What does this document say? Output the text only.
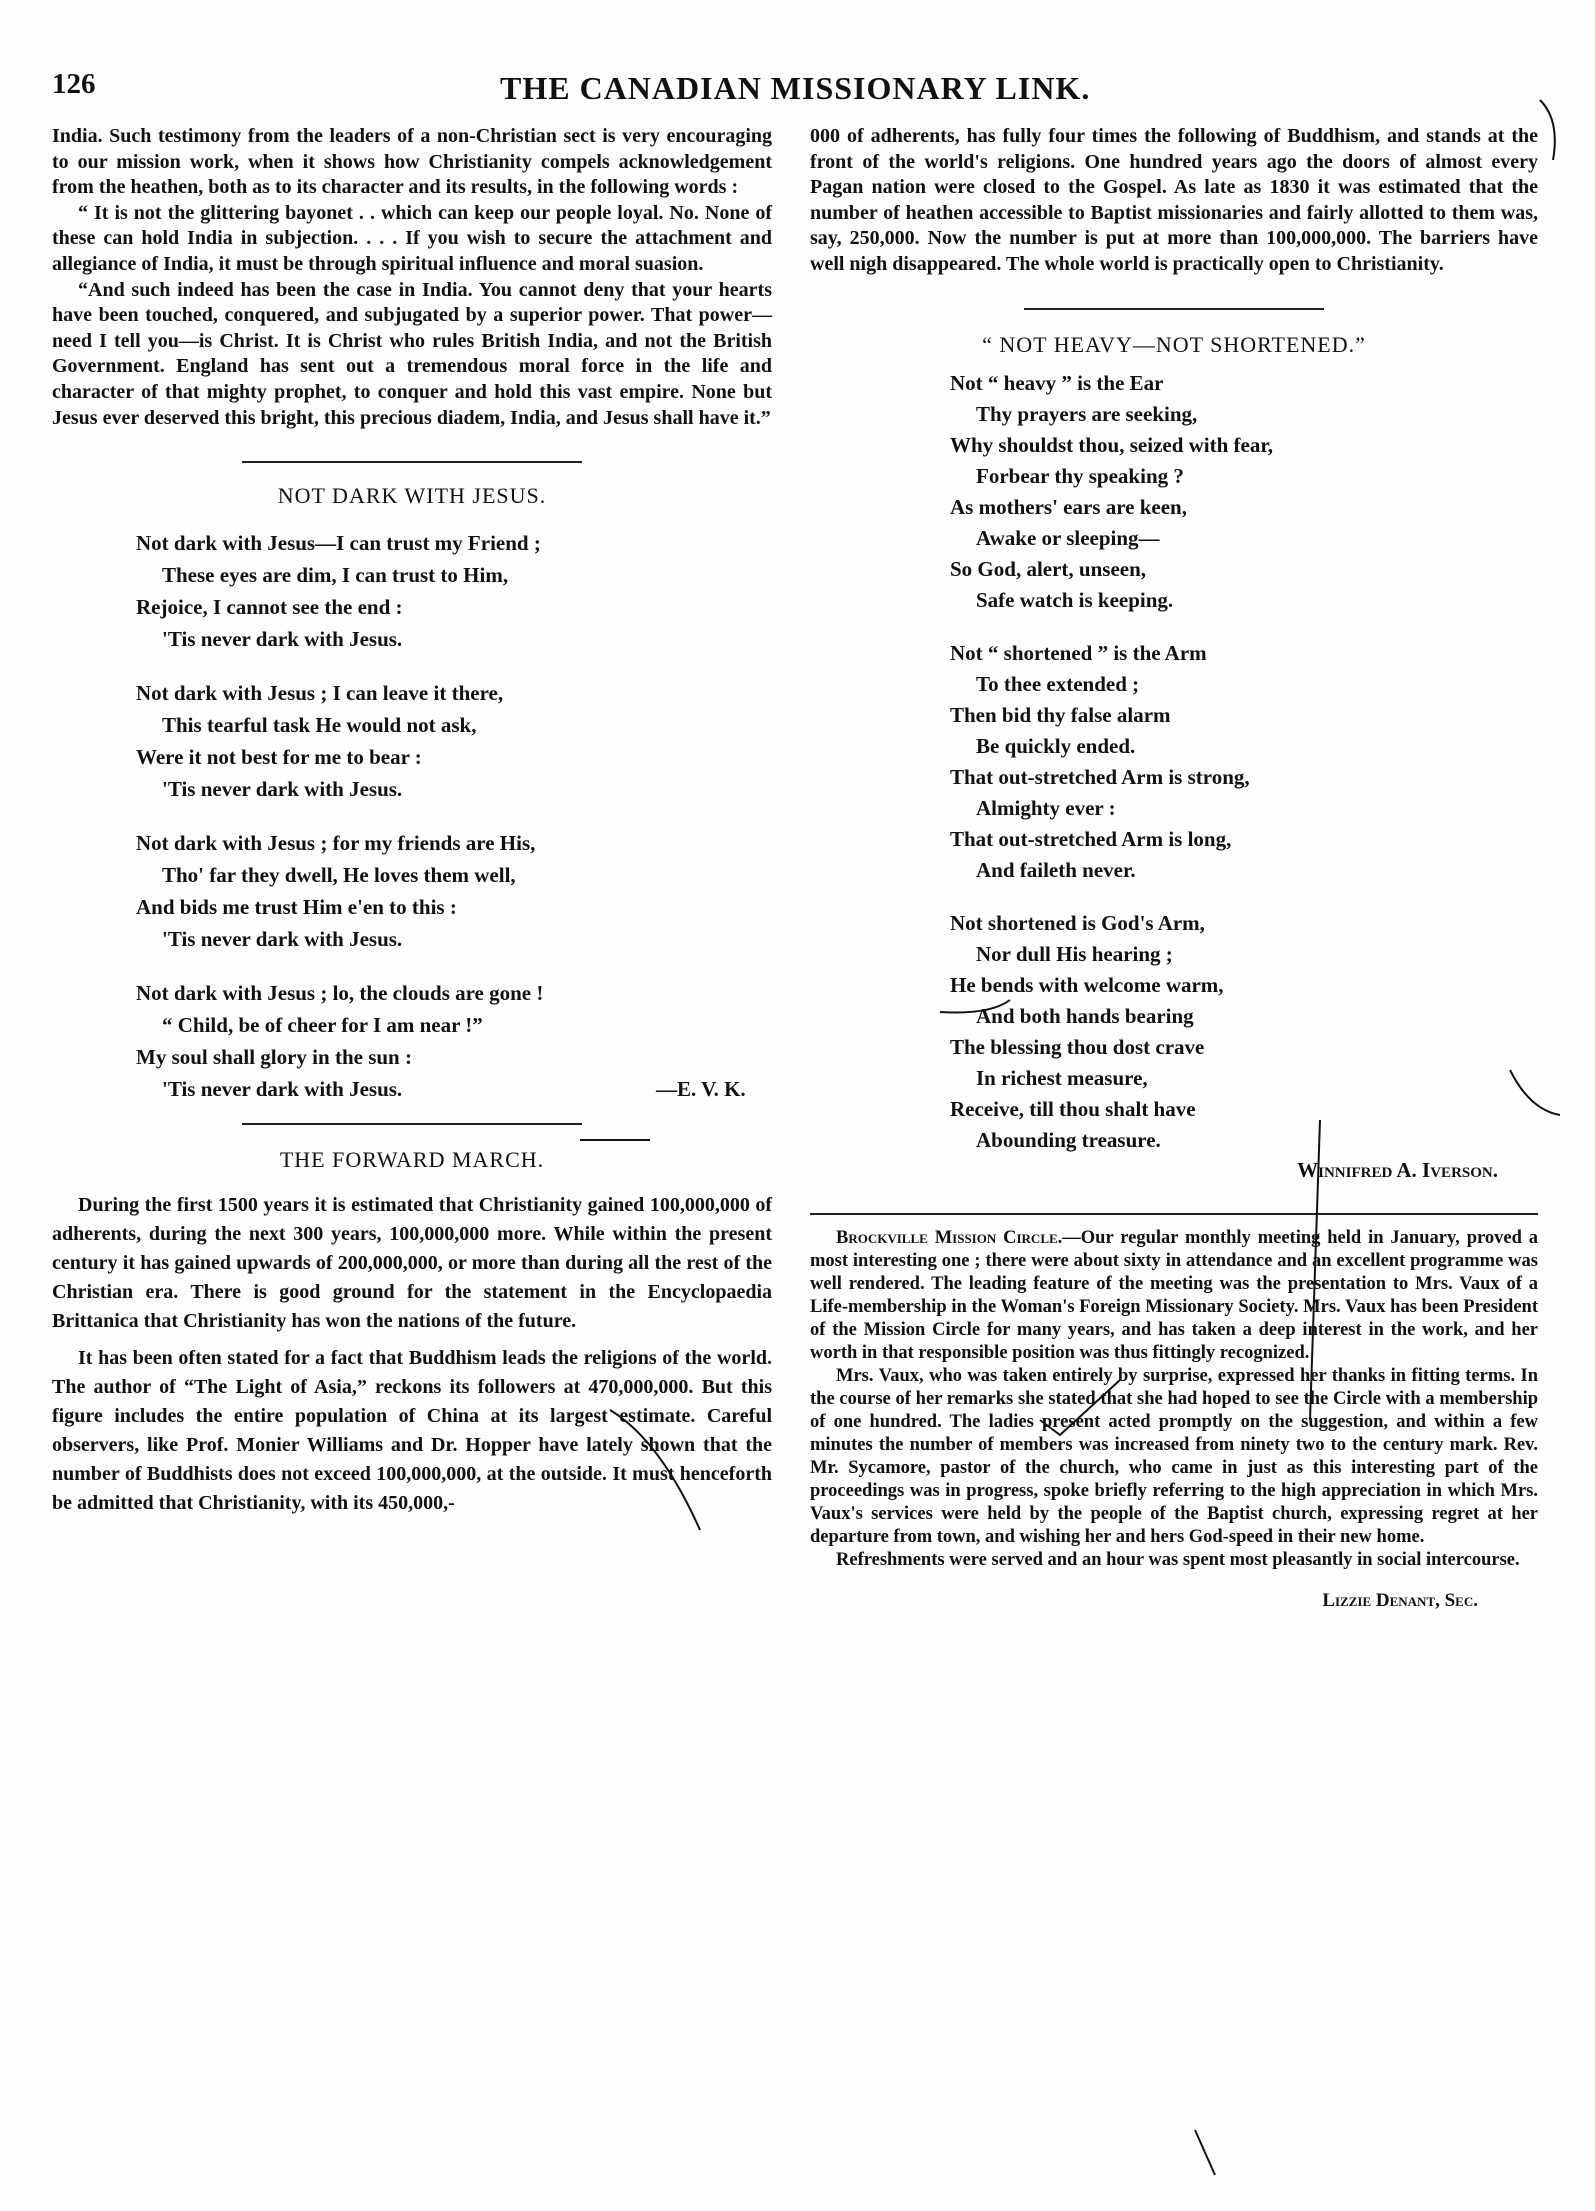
126	THE CANADIAN MISSIONARY LINK.

India. Such testimony from the leaders of a non-Christian sect is very encouraging to our mission work, when it shows how Christianity compels acknowledgement from the heathen, both as to its character and its results, in the following words :

“ It is not the glittering bayonet . . which can keep our people loyal. No. None of these can hold India in subjection. . . . If you wish to secure the attachment and allegiance of India, it must be through spiritual influence and moral suasion.

“And such indeed has been the case in India. You cannot deny that your hearts have been touched, conquered, and subjugated by a superior power. That power—need I tell you—is Christ. It is Christ who rules British India, and not the British Government. England has sent out a tremendous moral force in the life and character of that mighty prophet, to conquer and hold this vast empire. None but Jesus ever deserved this bright, this precious diadem, India, and Jesus shall have it.”

NOT DARK WITH JESUS.

Not dark with Jesus—I can trust my Friend ;
These eyes are dim, I can trust to Him,
Rejoice, I cannot see the end :
'Tis never dark with Jesus.
Not dark with Jesus ; I can leave it there,
This tearful task He would not ask,
Were it not best for me to bear :
'Tis never dark with Jesus.
Not dark with Jesus ; for my friends are His,
Tho' far they dwell, He loves them well,
And bids me trust Him e'en to this :
'Tis never dark with Jesus.
Not dark with Jesus ; lo, the clouds are gone !
“ Child, be of cheer for I am near !”
My soul shall glory in the sun :
'Tis never dark with Jesus.	—E. V. K.

THE FORWARD MARCH.

During the first 1500 years it is estimated that Christianity gained 100,000,000 of adherents, during the next 300 years, 100,000,000 more. While within the present century it has gained upwards of 200,000,000, or more than during all the rest of the Christian era. There is good ground for the statement in the Encyclopaedia Brittanica that Christianity has won the nations of the future.

It has been often stated for a fact that Buddhism leads the religions of the world. The author of “The Light of Asia,” reckons its followers at 470,000,000. But this figure includes the entire population of China at its largest estimate. Careful observers, like Prof. Monier Williams and Dr. Hopper have lately shown that the number of Buddhists does not exceed 100,000,000, at the outside. It must henceforth be admitted that Christianity, with its 450,000,-

000 of adherents, has fully four times the following of Buddhism, and stands at the front of the world's religions. One hundred years ago the doors of almost every Pagan nation were closed to the Gospel. As late as 1830 it was estimated that the number of heathen accessible to Baptist missionaries and fairly allotted to them was, say, 250,000. Now the number is put at more than 100,000,000. The barriers have well nigh disappeared. The whole world is practically open to Christianity.

“ NOT HEAVY—NOT SHORTENED.”

Not “ heavy ” is the Ear
Thy prayers are seeking,
Why shouldst thou, seized with fear,
Forbear thy speaking ?
As mothers' ears are keen,
Awake or sleeping—
So God, alert, unseen,
Safe watch is keeping.
Not “ shortened ” is the Arm
To thee extended ;
Then bid thy false alarm
Be quickly ended.
That out-stretched Arm is strong,
Almighty ever :
That out-stretched Arm is long,
And faileth never.
Not shortened is God's Arm,
Nor dull His hearing ;
He bends with welcome warm,
And both hands bearing
The blessing thou dost crave
In richest measure,
Receive, till thou shalt have
Abounding treasure.

Winnifred A. Iverson.

Brockville Mission Circle.—Our regular monthly meeting held in January, proved a most interesting one ; there were about sixty in attendance and an excellent programme was well rendered. The leading feature of the meeting was the presentation to Mrs. Vaux of a Life-membership in the Woman's Foreign Missionary Society. Mrs. Vaux has been President of the Mission Circle for many years, and has taken a deep interest in the work, and her worth in that responsible position was thus fittingly recognized.

Mrs. Vaux, who was taken entirely by surprise, expressed her thanks in fitting terms. In the course of her remarks she stated that she had hoped to see the Circle with a membership of one hundred. The ladies present acted promptly on the suggestion, and within a few minutes the number of members was increased from ninety two to the century mark. Rev. Mr. Sycamore, pastor of the church, who came in just as this interesting part of the proceedings was in progress, spoke briefly referring to the high appreciation in which Mrs. Vaux's services were held by the people of the Baptist church, expressing regret at her departure from town, and wishing her and hers God-speed in their new home.

Refreshments were served and an hour was spent most pleasantly in social intercourse.

Lizzie Denant, Sec.
